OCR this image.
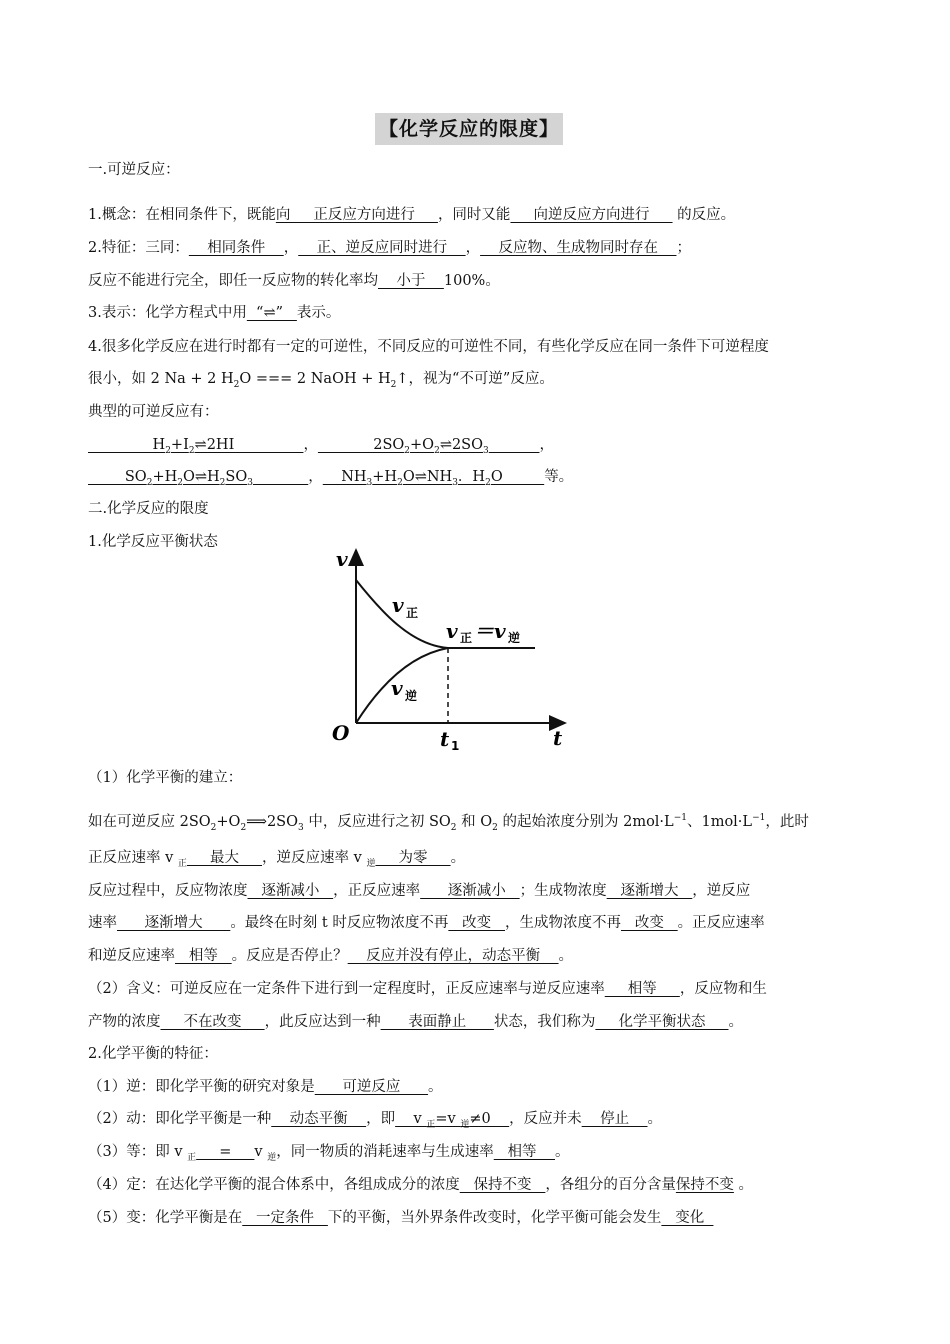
【化学反应的限度】
一.可逆反应：
1.概念：在相同条件下，既能向     正反应方向进行     ，同时又能     向逆反应方向进行      的反应。
2.特征：三同：    相同条件    ，    正、逆反应同时进行    ，    反应物、生成物同时存在    ；
反应不能进行完全，即任一反应物的转化率均    小于    100%。
3.表示：化学方程式中用  “⇌”   表示。
4.很多化学反应在进行时都有一定的可逆性，不同反应的可逆性不同，有些化学反应在同一条件下可逆程度
很小，如 2 Na + 2 $H_2O$ === 2 NaOH + $H_2↑$，视为“不可逆”反应。
典型的可逆反应有：
$H_2+I_2\rightleftharpoons 2HI$               ，            $2SO_2+O_2\rightleftharpoons 2SO_3$	，
$SO_2+H_2O\rightleftharpoons H_2SO_3$	，    $NH_3+H_2O\rightleftharpoons NH_3$．$H_2O$         等。
二.化学反应的限度
1.化学反应平衡状态
v
v 正
v 正 ＝v 逆
v 逆
O	t 1	t
（1）化学平衡的建立：
如在可逆反应 $2SO_2+O_2⟹2SO_3$ 中，反应进行之初 $SO_2$ 和 $O_2$ 的起始浓度分别为 $2mol\cdot L^{-1}$、$1mol\cdot L^{-1}$，此时
正反应速率 v $_正$     最大     ，逆反应速率 v $_逆$     为零     。
反应过程中，反应物浓度   逐渐减小   ，正反应速率      逐渐减小   ；生成物浓度   逐渐增大   ，逆反应
速率      逐渐增大      。最终在时刻 t 时反应物浓度不再   改变   ，生成物浓度不再   改变   。正反应速率
和逆反应速率   相等   。反应是否停止？    反应并没有停止，动态平衡    。
（2）含义：可逆反应在一定条件下进行到一定程度时，正反应速率与逆反应速率     相等     ，反应物和生
产物的浓度     不在改变     ，此反应达到一种      表面静止      状态，我们称为     化学平衡状态     。
2.化学平衡的特征：
（1）逆：即化学平衡的研究对象是      可逆反应      。
（2）动：即化学平衡是一种    动态平衡    ，即    v $_正$=v $_逆$≠0    ，反应并未    停止    。
（3）等：即 v $_正$     =     v $_逆$，同一物质的消耗速率与生成速率   相等    。
（4）定：在达化学平衡的混合体系中，各组成成分的浓度   保持不变   ，各组分的百分含量保持不变 。
（5）变：化学平衡是在   一定条件   下的平衡，当外界条件改变时，化学平衡可能会发生   变化
